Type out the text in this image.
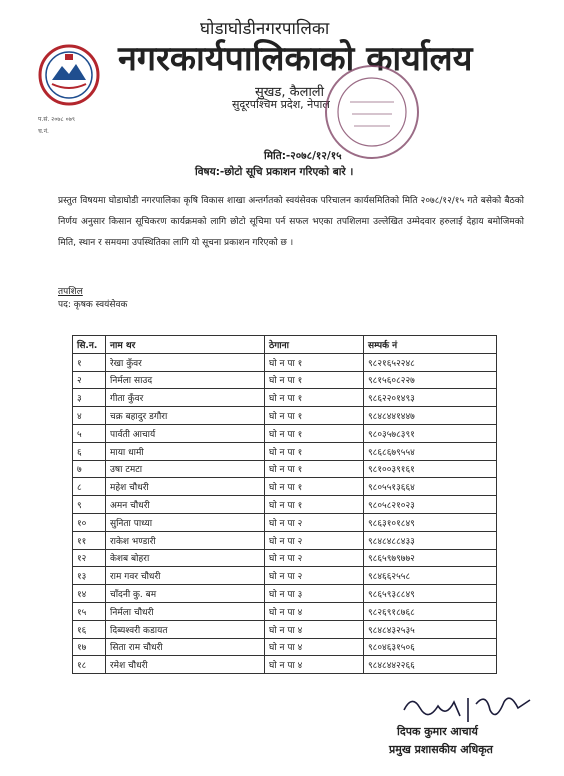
घोडाघोडीनगरपालिका
नगरकार्यपालिकाको कार्यालय
सुखड, कैलाली
सुदूरपश्चिम प्रदेश, नेपाल
प.सं. २०७८ ०७९
च.नं.
मिति:-२०७८/१२/१५
विषय:-छोटो सूचि प्रकाशन गरिएको बारे ।
प्रस्तुत विषयमा घोडाघोडी नगरपालिका कृषि विकास शाखा अन्तर्गतको स्वयंसेवक परिचालन कार्यसमितिको मिति २०७८/१२/१५ गते बसेको बैठको निर्णय अनुसार किसान सूचिकरण कार्यक्रमको लागि छोटो सूचिमा पर्न सफल भएका तपशिलमा उल्लेखित उम्मेदवार हरुलाई देहाय बमोजिमको मिति, स्थान र समयमा उपस्थितिका लागि यो सूचना प्रकाशन गरिएको छ ।
तपशिल
पद: कृषक स्वयंसेवक
सि.न.	नाम थर	ठेगाना	सम्पर्क नं
१	रेखा कुँवर	घो न पा १	९८२१६५२२४८
२	निर्मला साउद	घो न पा १	९८१५६०८२२७
३	गीता कुँवर	घो न पा १	९८६२२०१४९३
४	चक्र बहादुर डगौरा	घो न पा १	९८४८४४१४४७
५	पार्वती आचार्य	घो न पा १	९८०३५७८३९१
६	माया धामी	घो न पा १	९८६८६७९५५४
७	उषा टमटा	घो न पा १	९८१००३९१६१
८	महेश चौधरी	घो न पा १	९८०५५१३६६४
९	अमन चौधरी	घो न पा १	९८०५८२१०२३
१०	सुनिता पाध्या	घो न पा २	९८६३१०१८४९
११	राकेश भण्डारी	घो न पा २	९८४८४८८४३३
१२	केशब बोहरा	घो न पा २	९८६५९७९७७२
१३	राम गवर चौधरी	घो न पा २	९८४६६२५५८
१४	चाँदनी कु. बम	घो न पा ३	९८६५९३८८४९
१५	निर्मला चौधरी	घो न पा ४	९८२६९१८७६८
१६	दिब्यश्वरी कडायत	घो न पा ४	९८४८४३२५३५
१७	सिता राम चौधरी	घो न पा ४	९८०४६३१५०६
१८	रमेश चौधरी	घो न पा ४	९८४८४४२२६६
दिपक कुमार आचार्य
प्रमुख प्रशासकीय अधिकृत
